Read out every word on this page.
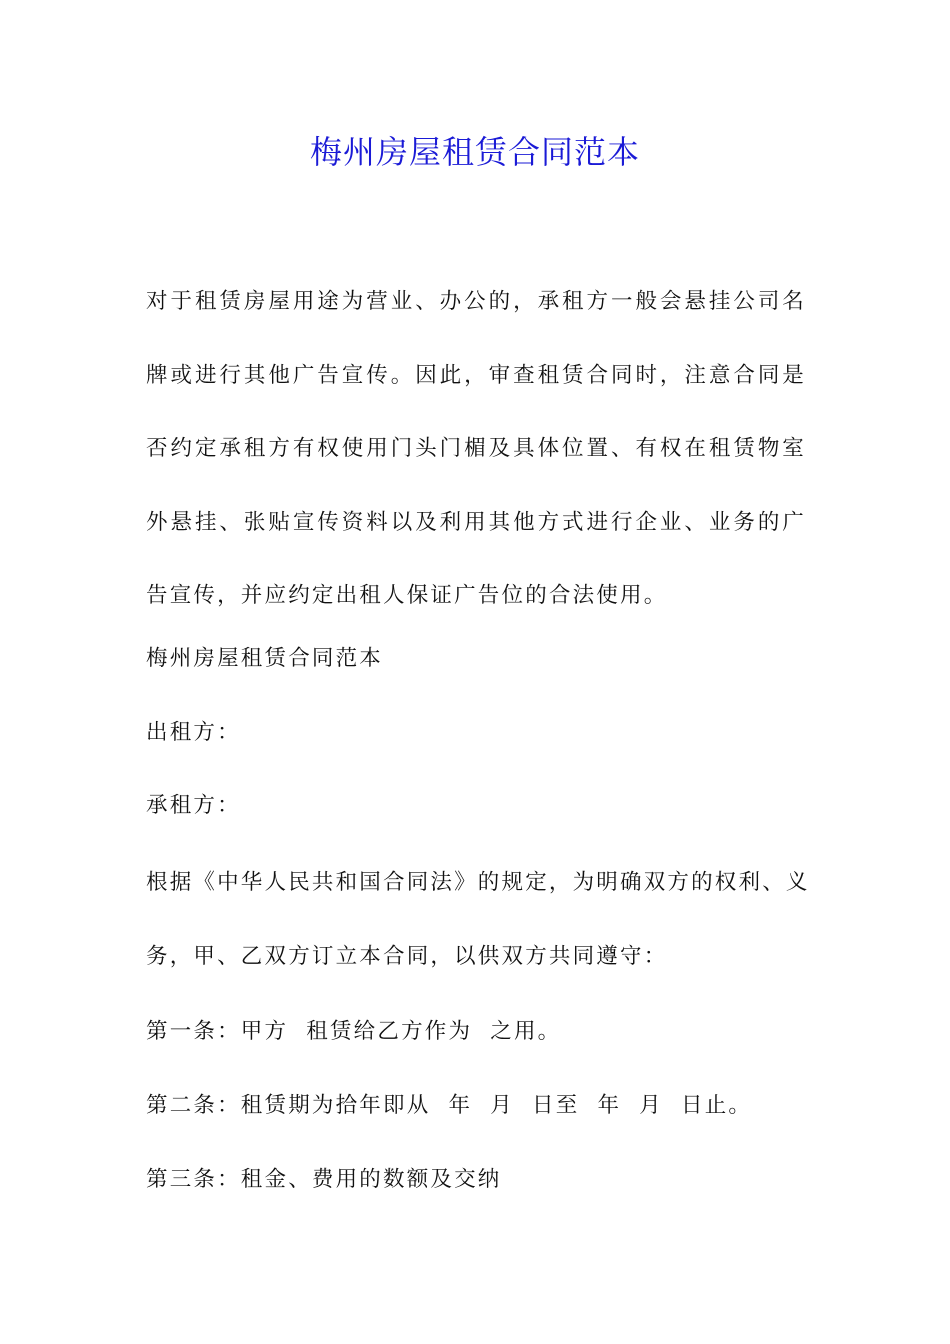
梅州房屋租赁合同范本

对于租赁房屋用途为营业、办公的，承租方一般会悬挂公司名牌或进行其他广告宣传。因此，审查租赁合同时，注意合同是否约定承租方有权使用门头门楣及具体位置、有权在租赁物室外悬挂、张贴宣传资料以及利用其他方式进行企业、业务的广告宣传，并应约定出租人保证广告位的合法使用。

梅州房屋租赁合同范本

出租方：

承租方：

根据《中华人民共和国合同法》的规定，为明确双方的权利、义务，甲、乙双方订立本合同，以供双方共同遵守：

第一条：甲方  租赁给乙方作为  之用。

第二条：租赁期为拾年即从  年  月  日至  年  月  日止。

第三条：租金、费用的数额及交纳
